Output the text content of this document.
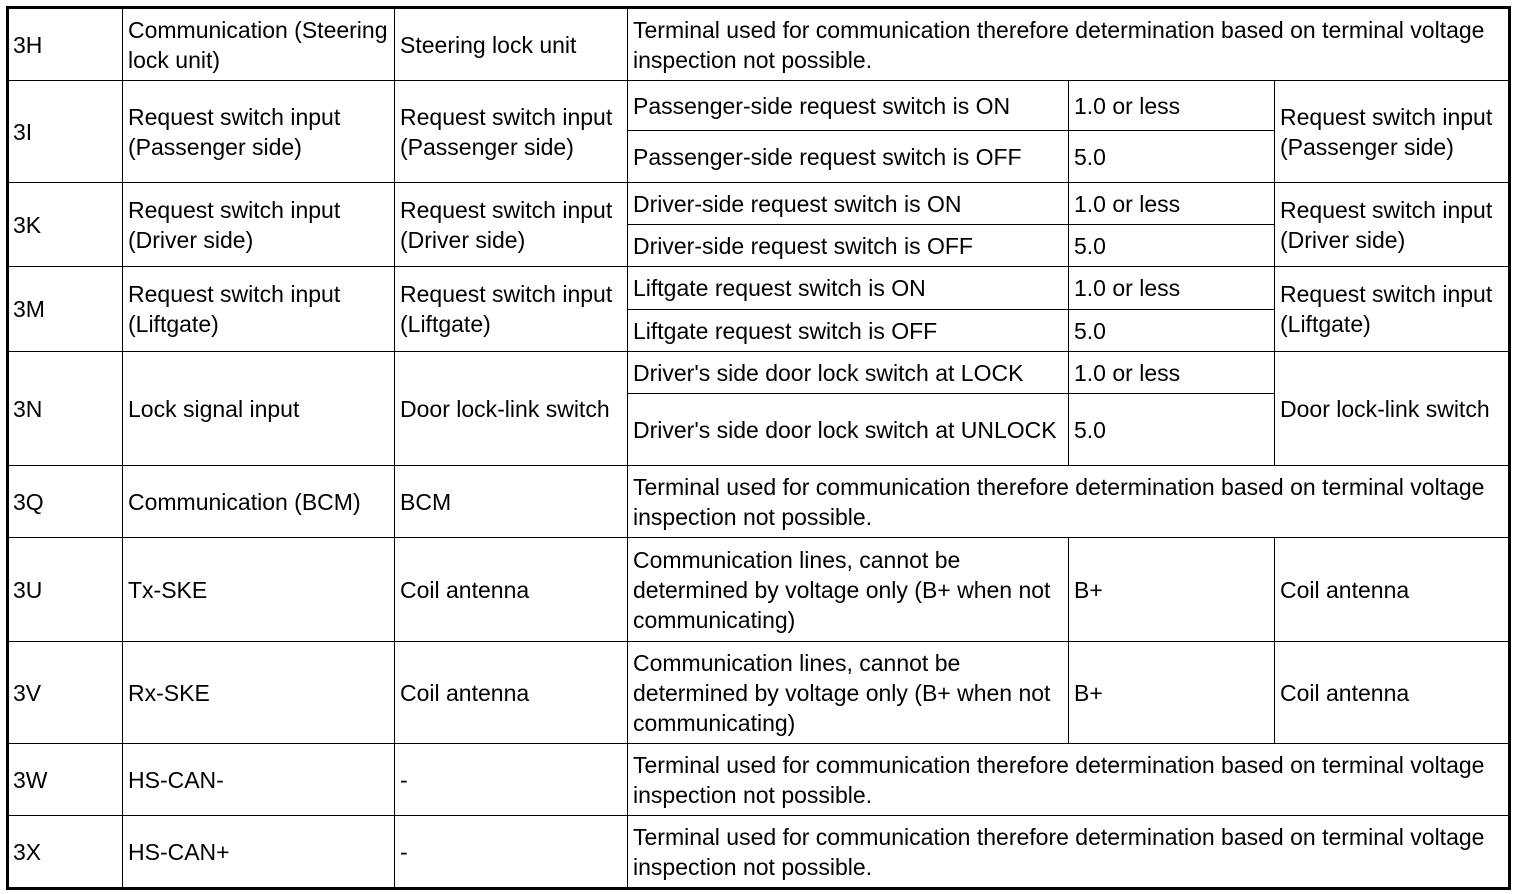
3H	Communication (Steering lock unit)	Steering lock unit	Terminal used for communication therefore determination based on terminal voltage inspection not possible.		
3I	Request switch input (Passenger side)	Request switch input (Passenger side)	Passenger-side request switch is ON	1.0 or less	Request switch input (Passenger side)
			Passenger-side request switch is OFF	5.0	
3K	Request switch input (Driver side)	Request switch input (Driver side)	Driver-side request switch is ON	1.0 or less	Request switch input (Driver side)
			Driver-side request switch is OFF	5.0	
3M	Request switch input (Liftgate)	Request switch input (Liftgate)	Liftgate request switch is ON	1.0 or less	Request switch input (Liftgate)
			Liftgate request switch is OFF	5.0	
3N	Lock signal input	Door lock-link switch	Driver's side door lock switch at LOCK	1.0 or less	Door lock-link switch
			Driver's side door lock switch at UNLOCK	5.0	
3Q	Communication (BCM)	BCM	Terminal used for communication therefore determination based on terminal voltage inspection not possible.		
3U	Tx-SKE	Coil antenna	Communication lines, cannot be determined by voltage only (B+ when not communicating)	B+	Coil antenna
3V	Rx-SKE	Coil antenna	Communication lines, cannot be determined by voltage only (B+ when not communicating)	B+	Coil antenna
3W	HS-CAN-	-	Terminal used for communication therefore determination based on terminal voltage inspection not possible.		
3X	HS-CAN+	-	Terminal used for communication therefore determination based on terminal voltage inspection not possible.		
